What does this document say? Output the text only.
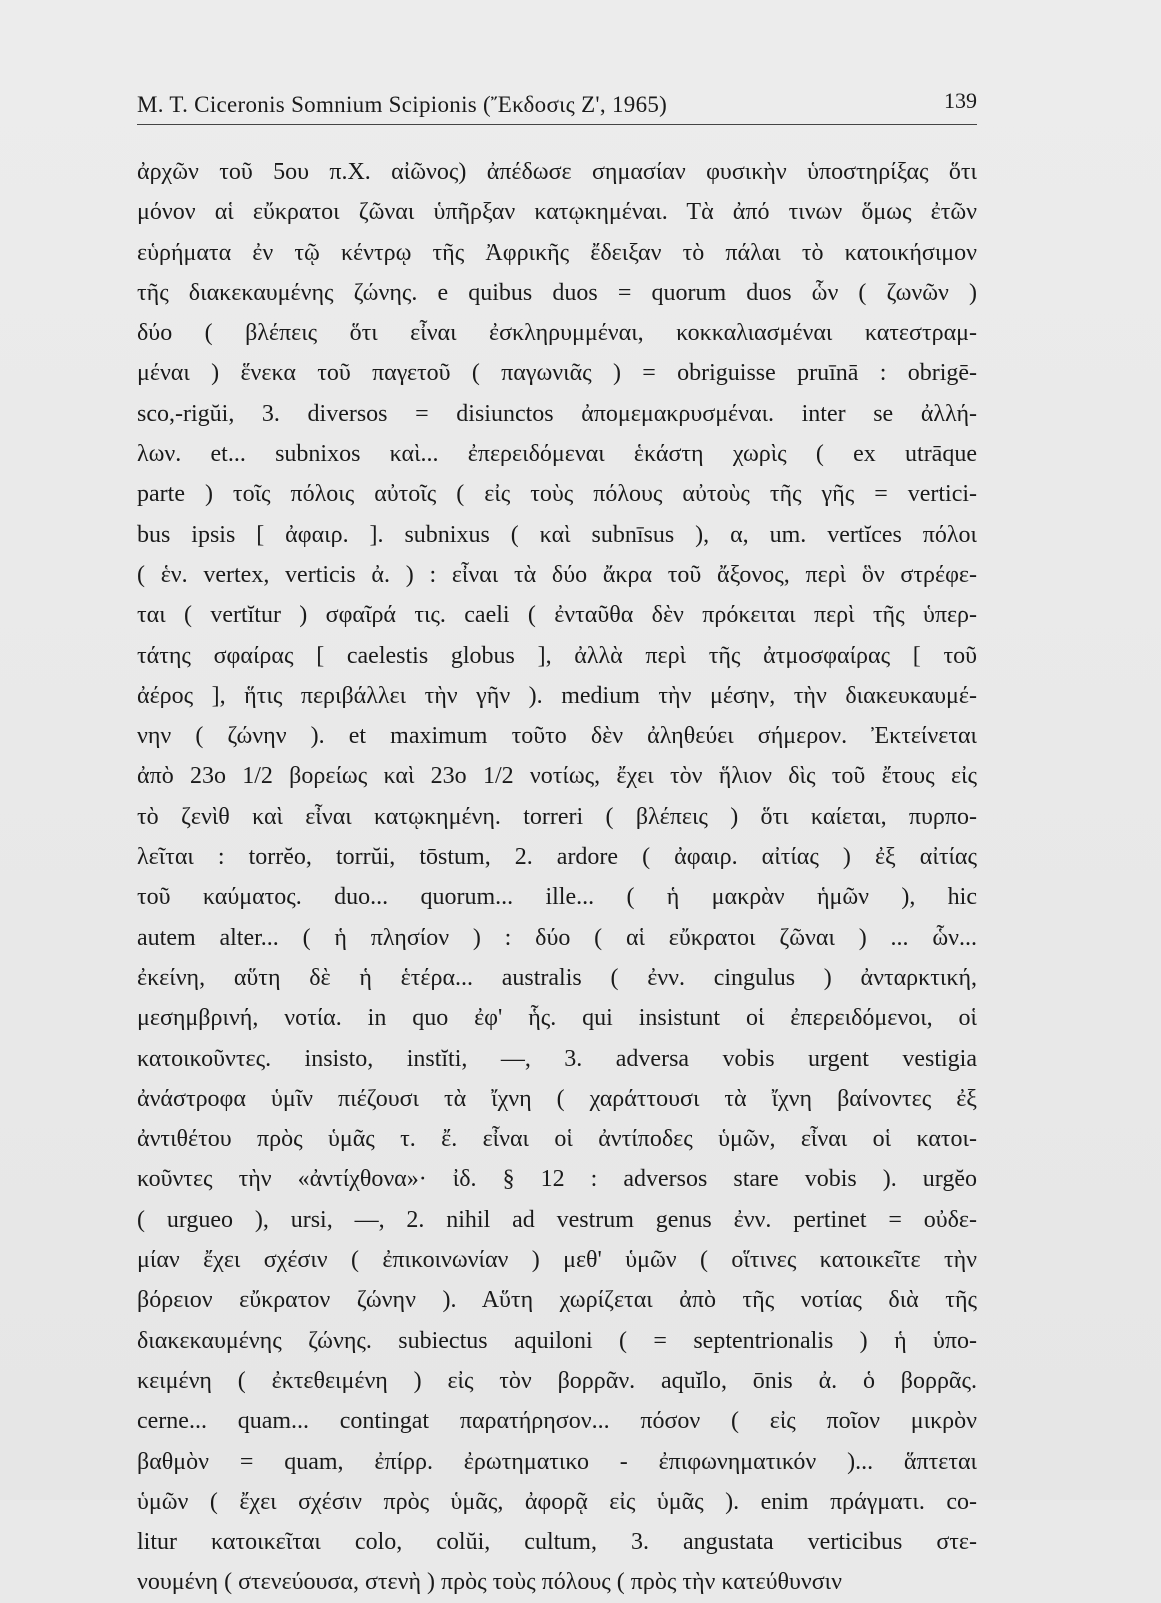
M. T. Ciceronis Somnium Scipionis (Ἔκδοσις Ζ', 1965)	139
ἀρχῶν τοῦ 5ου π.Χ. αἰῶνος) ἀπέδωσε σημασίαν φυσικὴν ὑποστηρίξας ὅτι
μόνον αἱ εὔκρατοι ζῶναι ὑπῆρξαν κατῳκημέναι. Τὰ ἀπό τινων ὅμως ἐτῶν
εὑρήματα ἐν τῷ κέντρῳ τῆς Ἀφρικῆς ἔδειξαν τὸ πάλαι τὸ κατοικήσιμον
τῆς διακεκαυμένης ζώνης. e quibus duos = quorum duos ὧν ( ζωνῶν )
δύο ( βλέπεις ὅτι εἶναι ἐσκληρυμμέναι, κοκκαλιασμέναι κατεστραμ-
μέναι ) ἕνεκα τοῦ παγετοῦ ( παγωνιᾶς ) = obriguisse pruīnā : obrigē-
sco,-rigŭi, 3. diversos = disiunctos ἀπομεμακρυσμέναι. inter se ἀλλή-
λων. et... subnixos καὶ... ἐπερειδόμεναι ἑκάστη χωρὶς ( ex utrāque
parte ) τοῖς πόλοις αὐτοῖς ( εἰς τοὺς πόλους αὐτοὺς τῆς γῆς = vertici-
bus ipsis [ ἀφαιρ. ]. subnixus ( καὶ subnīsus ), α, um. vertĭces πόλοι
( ἑν. vertex, verticis ἀ. ) : εἶναι τὰ δύο ἄκρα τοῦ ἄξονος, περὶ ὃν στρέφε-
ται ( vertĭtur ) σφαῖρά τις. caeli ( ἐνταῦθα δὲν πρόκειται περὶ τῆς ὑπερ-
τάτης σφαίρας [ caelestis globus ], ἀλλὰ περὶ τῆς ἀτμοσφαίρας [ τοῦ
ἀέρος ], ἥτις περιβάλλει τὴν γῆν ). medium τὴν μέσην, τὴν διακευκαυμέ-
νην ( ζώνην ). et maximum τοῦτο δὲν ἀληθεύει σήμερον. Ἐκτείνεται
ἀπὸ 23ο 1/2 βορείως καὶ 23ο 1/2 νοτίως, ἔχει τὸν ἥλιον δὶς τοῦ ἔτους εἰς
τὸ ζενὶθ καὶ εἶναι κατῳκημένη. torreri ( βλέπεις ) ὅτι καίεται, πυρπο-
λεῖται : torrĕo, torrŭi, tōstum, 2. ardore ( ἀφαιρ. αἰτίας ) ἐξ αἰτίας
τοῦ καύματος. duo... quorum... ille... ( ἡ μακρὰν ἡμῶν ), hic
autem alter... ( ἡ πλησίον ) : δύο ( αἱ εὔκρατοι ζῶναι ) ... ὧν...
ἐκείνη, αὕτη δὲ ἡ ἑτέρα... australis ( ἐνν. cingulus ) ἀνταρκτική,
μεσημβρινή, νοτία. in quo ἐφ' ἧς. qui insistunt οἱ ἐπερειδόμενοι, οἱ
κατοικοῦντες. insisto, instĭti, —, 3. adversa vobis urgent vestigia
ἀνάστροφα ὑμῖν πιέζουσι τὰ ἴχνη ( χαράττουσι τὰ ἴχνη βαίνοντες ἐξ
ἀντιθέτου πρὸς ὑμᾶς τ. ἔ. εἶναι οἱ ἀντίποδες ὑμῶν, εἶναι οἱ κατοι-
κοῦντες τὴν «ἀντίχθονα»· ἰδ. § 12 : adversos stare vobis ). urgĕo
( urgueo ), ursi, —, 2. nihil ad vestrum genus ἐνν. pertinet = οὐδε-
μίαν ἔχει σχέσιν ( ἐπικοινωνίαν ) μεθ' ὑμῶν ( οἵτινες κατοικεῖτε τὴν
βόρειον εὔκρατον ζώνην ). Αὕτη χωρίζεται ἀπὸ τῆς νοτίας διὰ τῆς
διακεκαυμένης ζώνης. subiectus aquiloni ( = septentrionalis ) ἡ ὑπο-
κειμένη ( ἐκτεθειμένη ) εἰς τὸν βορρᾶν. aquĭlo, ōnis ἀ. ὁ βορρᾶς.
cerne... quam... contingat παρατήρησον... πόσον ( εἰς ποῖον μικρὸν
βαθμὸν = quam, ἐπίρρ. ἐρωτηματικο - ἐπιφωνηματικόν )... ἅπτεται
ὑμῶν ( ἔχει σχέσιν πρὸς ὑμᾶς, ἀφορᾷ εἰς ὑμᾶς ). enim πράγματι. co-
litur κατοικεῖται colo, colŭi, cultum, 3. angustata verticibus στε-
νουμένη ( στενεύουσα, στενὴ ) πρὸς τοὺς πόλους ( πρὸς τὴν κατεύθυνσιν
